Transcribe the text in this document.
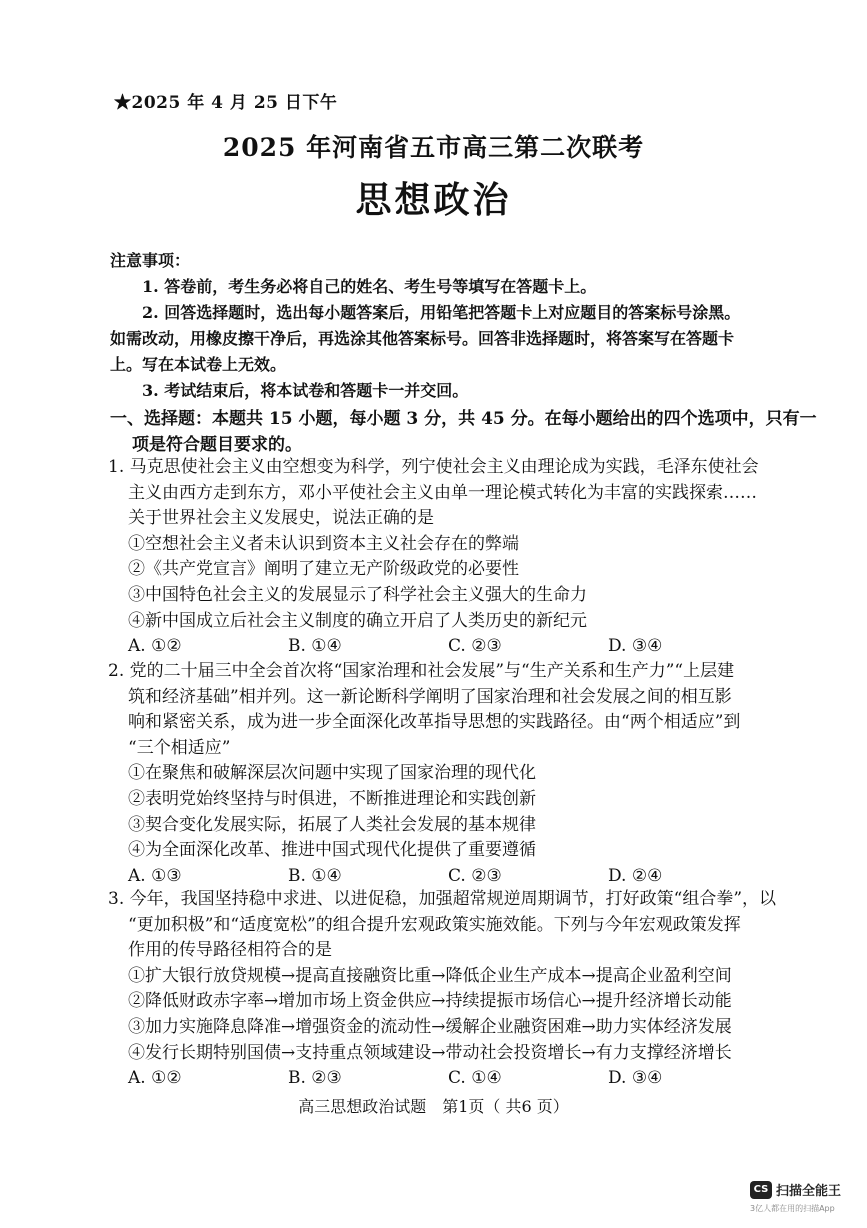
★2025 年 4 月 25 日下午
2025 年河南省五市高三第二次联考
思想政治
注意事项：
1. 答卷前，考生务必将自己的姓名、考生号等填写在答题卡上。
2. 回答选择题时，选出每小题答案后，用铅笔把答题卡上对应题目的答案标号涂黑。
如需改动，用橡皮擦干净后，再选涂其他答案标号。回答非选择题时，将答案写在答题卡
上。写在本试卷上无效。
3. 考试结束后，将本试卷和答题卡一并交回。
一、选择题：本题共 15 小题，每小题 3 分，共 45 分。在每小题给出的四个选项中，只有一
项是符合题目要求的。
1. 马克思使社会主义由空想变为科学，列宁使社会主义由理论成为实践，毛泽东使社会
主义由西方走到东方，邓小平使社会主义由单一理论模式转化为丰富的实践探索……
关于世界社会主义发展史，说法正确的是
①空想社会主义者未认识到资本主义社会存在的弊端
②《共产党宣言》阐明了建立无产阶级政党的必要性
③中国特色社会主义的发展显示了科学社会主义强大的生命力
④新中国成立后社会主义制度的确立开启了人类历史的新纪元
A. ①②	B. ①④	C. ②③	D. ③④
2. 党的二十届三中全会首次将“国家治理和社会发展”与“生产关系和生产力”“上层建
筑和经济基础”相并列。这一新论断科学阐明了国家治理和社会发展之间的相互影
响和紧密关系，成为进一步全面深化改革指导思想的实践路径。由“两个相适应”到
“三个相适应”
①在聚焦和破解深层次问题中实现了国家治理的现代化
②表明党始终坚持与时俱进，不断推进理论和实践创新
③契合变化发展实际，拓展了人类社会发展的基本规律
④为全面深化改革、推进中国式现代化提供了重要遵循
A. ①③	B. ①④	C. ②③	D. ②④
3. 今年，我国坚持稳中求进、以进促稳，加强超常规逆周期调节，打好政策“组合拳”，以
“更加积极”和“适度宽松”的组合提升宏观政策实施效能。下列与今年宏观政策发挥
作用的传导路径相符合的是
①扩大银行放贷规模→提高直接融资比重→降低企业生产成本→提高企业盈利空间
②降低财政赤字率→增加市场上资金供应→持续提振市场信心→提升经济增长动能
③加力实施降息降准→增强资金的流动性→缓解企业融资困难→助力实体经济发展
④发行长期特别国债→支持重点领域建设→带动社会投资增长→有力支撑经济增长
A. ①②	B. ②③	C. ①④	D. ③④
高三思想政治试题　第1页（ 共6 页）
CS 扫描全能王
3亿人都在用的扫描App
